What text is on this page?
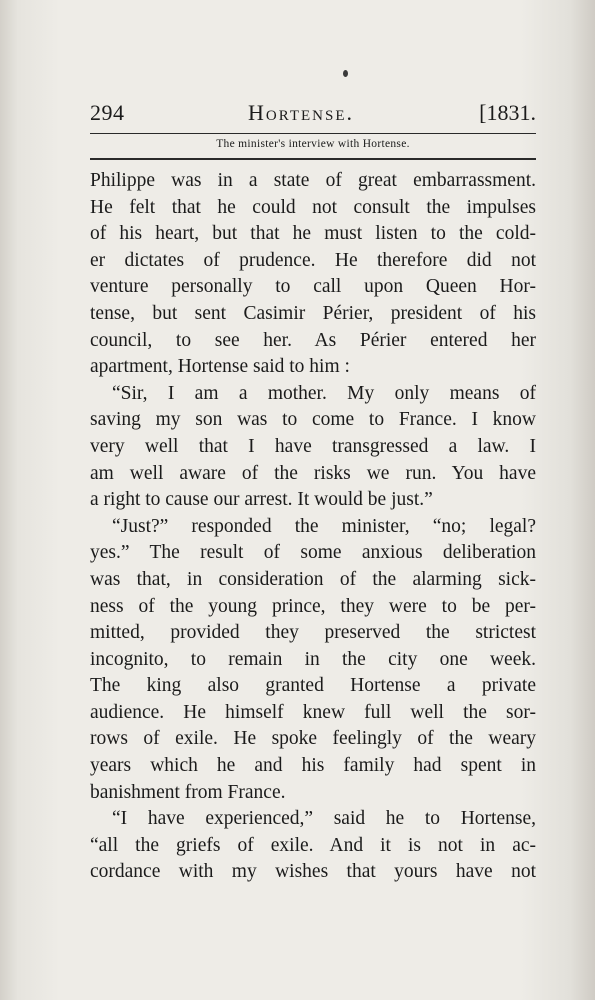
294	Hortense.	[1831.
The minister's interview with Hortense.
Philippe was in a state of great embarrassment.
He felt that he could not consult the impulses
of his heart, but that he must listen to the cold-
er dictates of prudence. He therefore did not
venture personally to call upon Queen Hor-
tense, but sent Casimir Périer, president of his
council, to see her. As Périer entered her
apartment, Hortense said to him :
“Sir, I am a mother. My only means of
saving my son was to come to France. I know
very well that I have transgressed a law. I
am well aware of the risks we run. You have
a right to cause our arrest. It would be just.”
“Just?” responded the minister, “no; legal?
yes.” The result of some anxious deliberation
was that, in consideration of the alarming sick-
ness of the young prince, they were to be per-
mitted, provided they preserved the strictest
incognito, to remain in the city one week.
The king also granted Hortense a private
audience. He himself knew full well the sor-
rows of exile. He spoke feelingly of the weary
years which he and his family had spent in
banishment from France.
“I have experienced,” said he to Hortense,
“all the griefs of exile. And it is not in ac-
cordance with my wishes that yours have not
